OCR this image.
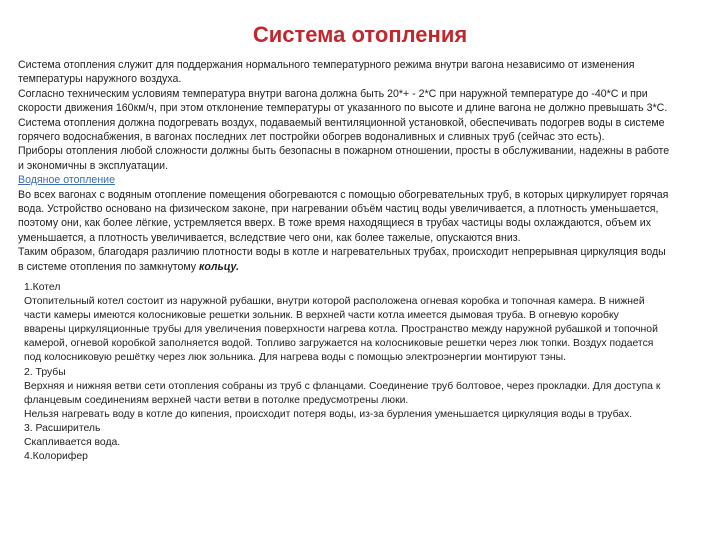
Система отопления

Система отопления служит для поддержания нормального температурного режима внутри вагона независимо от изменения

температуры наружного воздуха.

Согласно техническим условиям температура внутри вагона должна быть 20*+ - 2*С при наружной температуре до -40*С и при

скорости движения 160км/ч, при этом отклонение температуры от указанного по высоте и длине вагона не должно превышать 3*С.

Система отопления должна подогревать воздух, подаваемый вентиляционной установкой, обеспечивать подогрев воды в системе

горячего водоснабжения, в вагонах последних лет постройки обогрев водоналивных и сливных труб (сейчас это есть).

Приборы отопления любой сложности должны быть безопасны в пожарном отношении, просты в обслуживании, надежны в работе

и экономичны в эксплуатации.

Водяное отопление

Во всех вагонах с водяным отопление помещения обогреваются с помощью обогревательных труб, в которых циркулирует горячая

вода. Устройство основано на физическом законе, при нагревании объём частиц воды увеличивается, а плотность уменьшается,

поэтому они, как более лёгкие, устремляется вверх. В тоже время находящиеся в трубах частицы воды охлаждаются, объем их

уменьшается, а плотность увеличивается, вследствие чего они, как более тажелые, опускаются вниз.

Таким образом, благодаря различию плотности воды в котле и нагревательных трубах, происходит непрерывная циркуляция воды

в системе отопления по замкнутому кольцу.

1.Котел

Отопительный котел состоит из наружной рубашки, внутри которой расположена огневая коробка и топочная камера. В нижней

части камеры имеются колосниковые решетки зольник. В верхней части котла имеется дымовая труба. В огневую коробку

вварены циркуляционные трубы для увеличения поверхности нагрева котла. Пространство между наружной рубашкой и топочной

камерой, огневой коробкой заполняется водой. Топливо загружается на колосниковые решетки через люк топки. Воздух подается

под колосниковую решётку через люк зольника. Для нагрева воды с помощью электроэнергии монтируют тэны.

2. Трубы

Верхняя и нижняя ветви сети отопления собраны из труб с фланцами. Соединение труб болтовое, через прокладки. Для доступа к

фланцевым соединениям верхней части ветви в потолке предусмотрены люки.

Нельзя нагревать воду в котле до кипения, происходит потеря воды, из-за бурления уменьшается циркуляция воды в трубах.

3. Расширитель

Скапливается вода.

4.Колорифер
